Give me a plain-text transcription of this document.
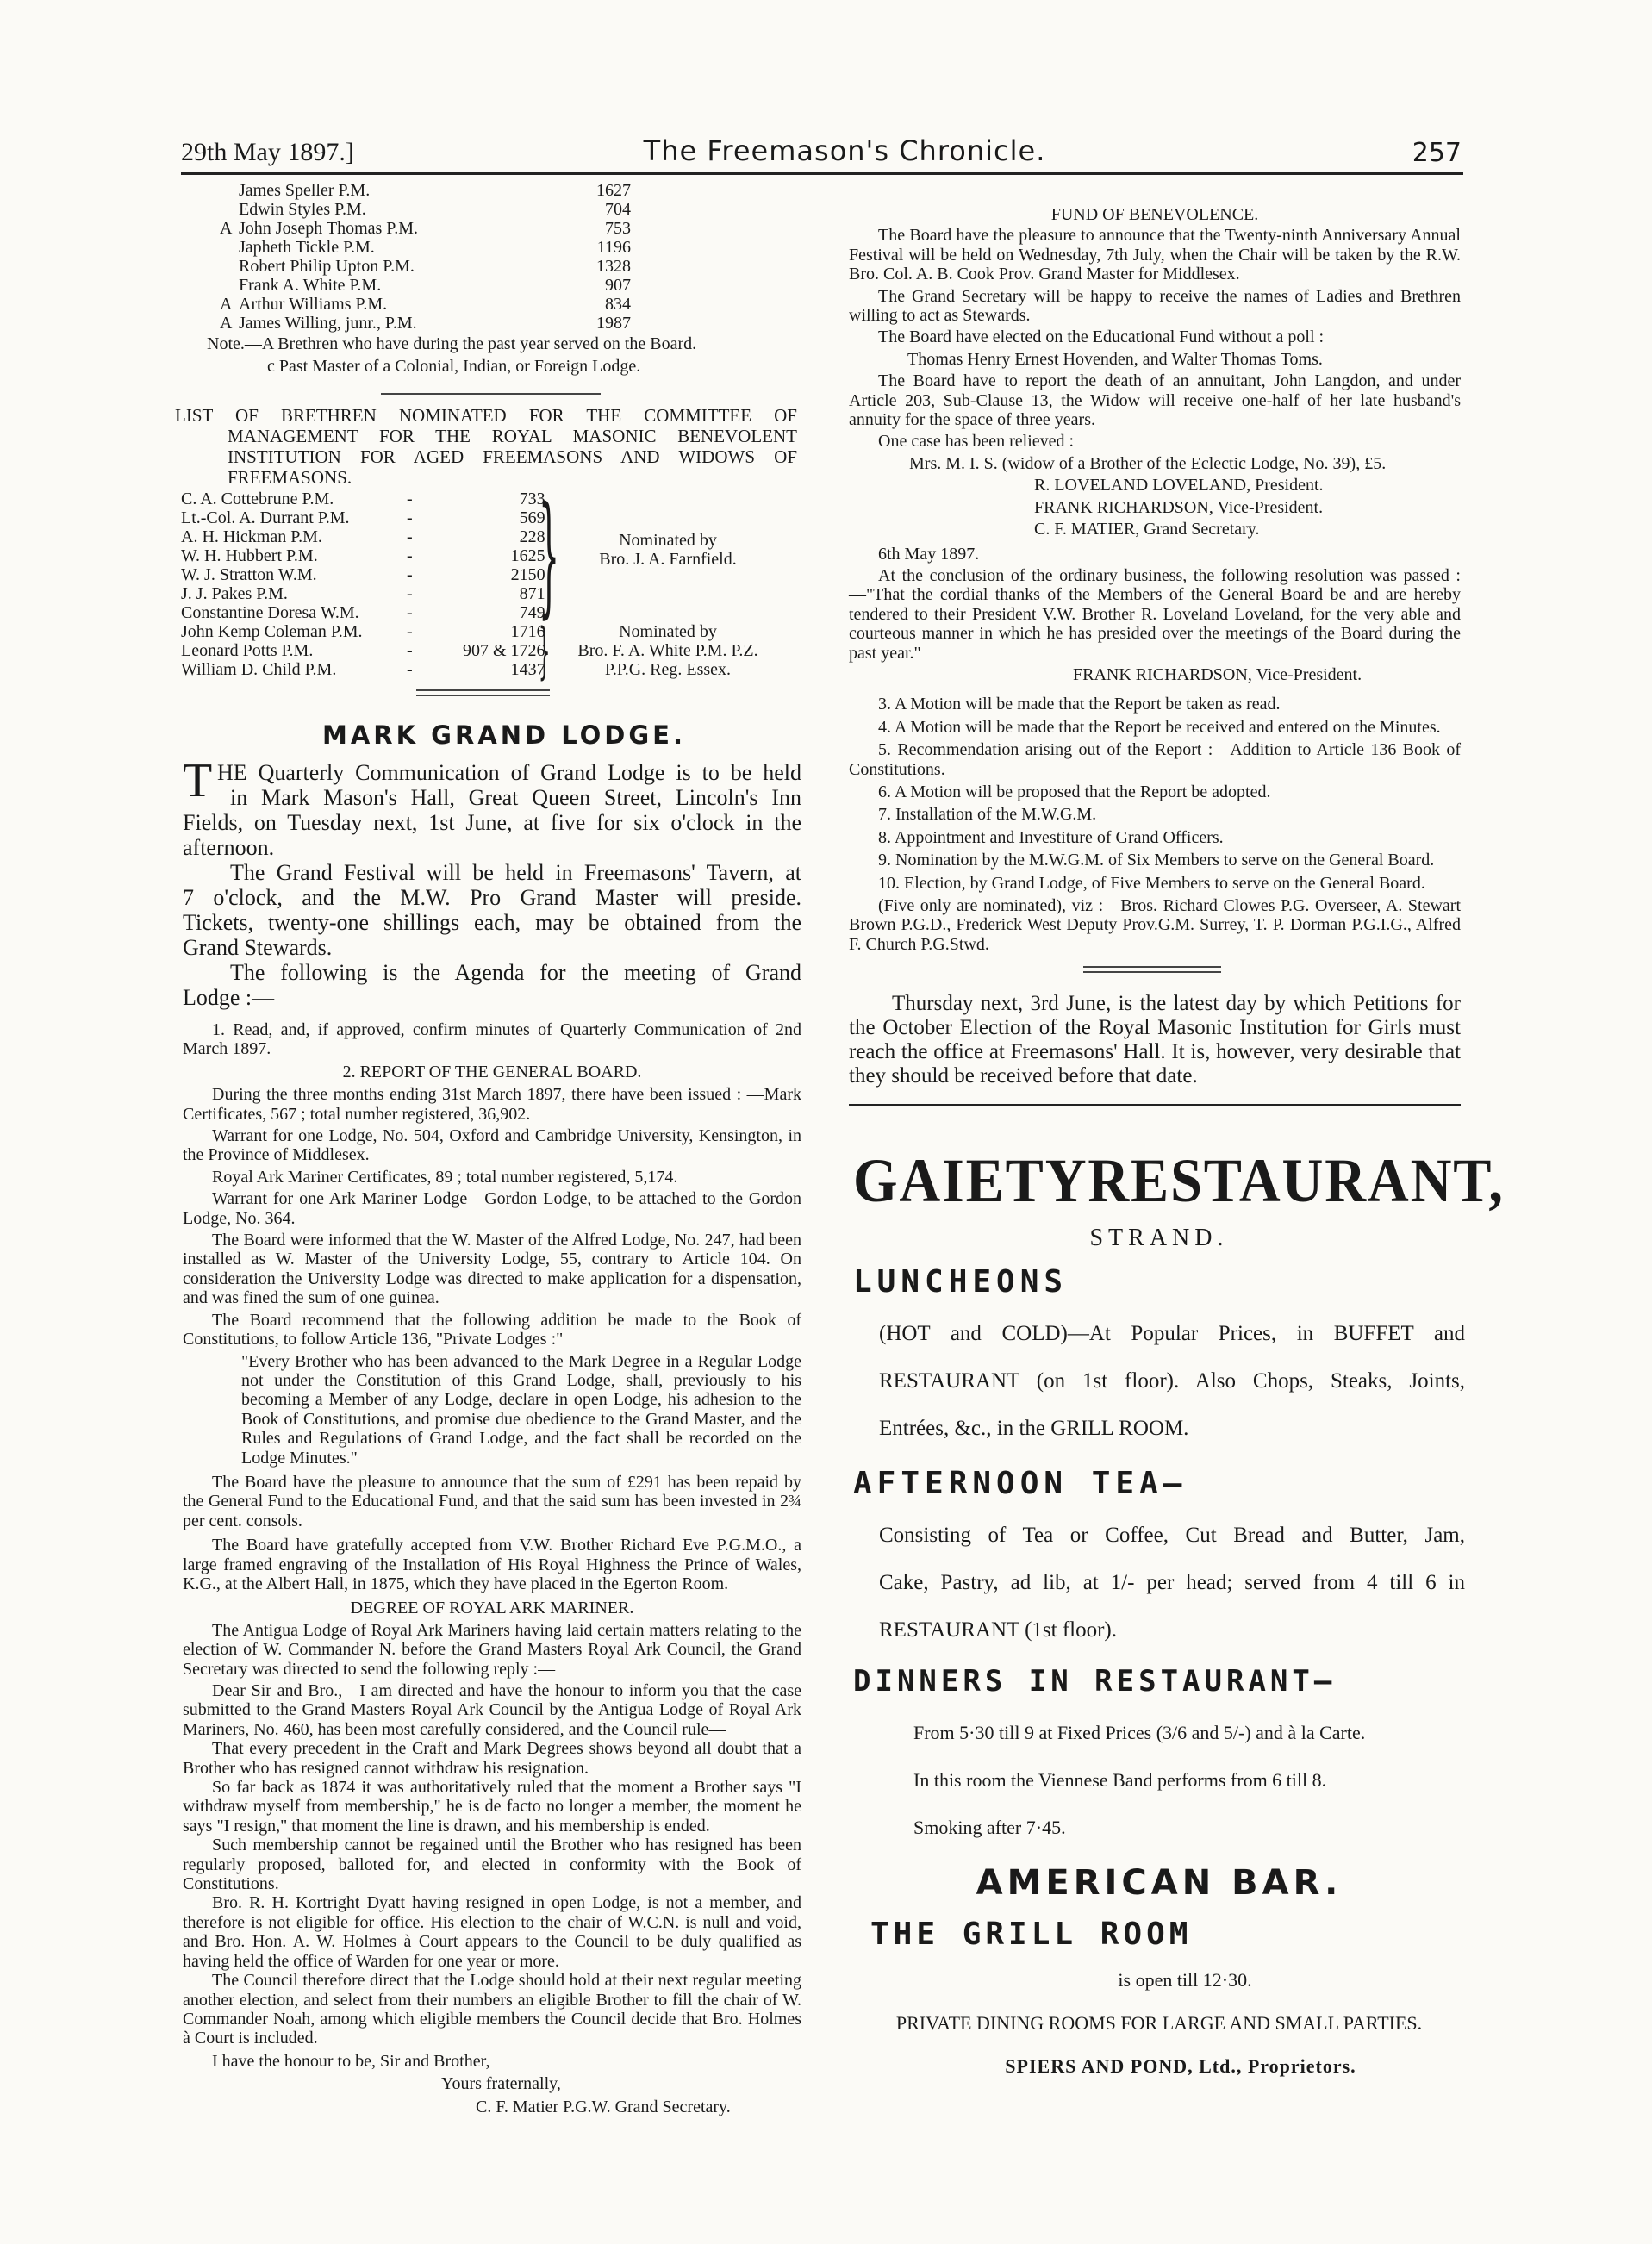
29th May 1897.]	The Freemason's Chronicle.	257
James Speller P.M.	1627
Edwin Styles P.M.	704
A John Joseph Thomas P.M.	753
Japheth Tickle P.M.	1196
Robert Philip Upton P.M.	1328
Frank A. White P.M.	907
A Arthur Williams P.M.	834
A James Willing, junr., P.M.	1987
Note.—A Brethren who have during the past year served on the Board.
c Past Master of a Colonial, Indian, or Foreign Lodge.
LIST OF BRETHREN NOMINATED FOR THE COMMITTEE OF
MANAGEMENT FOR THE ROYAL MASONIC BENEVOLENT
INSTITUTION FOR AGED FREEMASONS AND WIDOWS OF
FREEMASONS.
C. A. Cottebrune P.M.	-	733
Lt.-Col. A. Durrant P.M.	-	569
A. H. Hickman P.M.	-	228
W. H. Hubbert P.M.	-	1625
W. J. Stratton W.M.	-	2150
J. J. Pakes P.M.	-	871
Constantine Doresa W.M.	-	749
John Kemp Coleman P.M.	-	1716
Leonard Potts P.M.	-	907 & 1726
William D. Child P.M.	-	1437
}	Nominated by
Bro. J. A. Farnfield.
}	Nominated by
Bro. F. A. White P.M. P.Z.
P.P.G. Reg. Essex.
MARK GRAND LODGE.
T HE Quarterly Communication of Grand Lodge is to be held
in Mark Mason's Hall, Great Queen Street, Lincoln's Inn
Fields, on Tuesday next, 1st June, at five for six o'clock in the
afternoon.
The Grand Festival will be held in Freemasons' Tavern, at
7 o'clock, and the M.W. Pro Grand Master will preside.
Tickets, twenty-one shillings each, may be obtained from the
Grand Stewards.
The following is the Agenda for the meeting of Grand
Lodge :—

1. Read, and, if approved, confirm minutes of Quarterly Communication of 2nd March 1897.

2. REPORT OF THE GENERAL BOARD.

During the three months ending 31st March 1897, there have been issued : —Mark Certificates, 567 ; total number registered, 36,902.

Warrant for one Lodge, No. 504, Oxford and Cambridge University, Kensington, in the Province of Middlesex.

Royal Ark Mariner Certificates, 89 ; total number registered, 5,174.

Warrant for one Ark Mariner Lodge—Gordon Lodge, to be attached to the Gordon Lodge, No. 364.

The Board were informed that the W. Master of the Alfred Lodge, No. 247, had been installed as W. Master of the University Lodge, 55, contrary to Article 104. On consideration the University Lodge was directed to make application for a dispensation, and was fined the sum of one guinea.

The Board recommend that the following addition be made to the Book of Constitutions, to follow Article 136, "Private Lodges :"

"Every Brother who has been advanced to the Mark Degree in a Regular Lodge not under the Constitution of this Grand Lodge, shall, previously to his becoming a Member of any Lodge, declare in open Lodge, his adhesion to the Book of Constitutions, and promise due obedience to the Grand Master, and the Rules and Regulations of Grand Lodge, and the fact shall be recorded on the Lodge Minutes."

The Board have the pleasure to announce that the sum of £291 has been repaid by the General Fund to the Educational Fund, and that the said sum has been invested in 2¾ per cent. consols.

The Board have gratefully accepted from V.W. Brother Richard Eve P.G.M.O., a large framed engraving of the Installation of His Royal Highness the Prince of Wales, K.G., at the Albert Hall, in 1875, which they have placed in the Egerton Room.

DEGREE OF ROYAL ARK MARINER.

The Antigua Lodge of Royal Ark Mariners having laid certain matters relating to the election of W. Commander N. before the Grand Masters Royal Ark Council, the Grand Secretary was directed to send the following reply :—

Dear Sir and Bro.,—I am directed and have the honour to inform you that the case submitted to the Grand Masters Royal Ark Council by the Antigua Lodge of Royal Ark Mariners, No. 460, has been most carefully considered, and the Council rule—

That every precedent in the Craft and Mark Degrees shows beyond all doubt that a Brother who has resigned cannot withdraw his resignation.

So far back as 1874 it was authoritatively ruled that the moment a Brother says "I withdraw myself from membership," he is de facto no longer a member, the moment he says "I resign," that moment the line is drawn, and his membership is ended.

Such membership cannot be regained until the Brother who has resigned has been regularly proposed, balloted for, and elected in conformity with the Book of Constitutions.

Bro. R. H. Kortright Dyatt having resigned in open Lodge, is not a member, and therefore is not eligible for office. His election to the chair of W.C.N. is null and void, and Bro. Hon. A. W. Holmes à Court appears to the Council to be duly qualified as having held the office of Warden for one year or more.

The Council therefore direct that the Lodge should hold at their next regular meeting another election, and select from their numbers an eligible Brother to fill the chair of W. Commander Noah, among which eligible members the Council decide that Bro. Holmes à Court is included.

I have the honour to be, Sir and Brother,

Yours fraternally,

C. F. Matier P.G.W. Grand Secretary.

FUND OF BENEVOLENCE.

The Board have the pleasure to announce that the Twenty-ninth Anniversary Annual Festival will be held on Wednesday, 7th July, when the Chair will be taken by the R.W. Bro. Col. A. B. Cook Prov. Grand Master for Middlesex.

The Grand Secretary will be happy to receive the names of Ladies and Brethren willing to act as Stewards.

The Board have elected on the Educational Fund without a poll :

Thomas Henry Ernest Hovenden, and Walter Thomas Toms.

The Board have to report the death of an annuitant, John Langdon, and under Article 203, Sub-Clause 13, the Widow will receive one-half of her late husband's annuity for the space of three years.

One case has been relieved :

Mrs. M. I. S. (widow of a Brother of the Eclectic Lodge, No. 39), £5.

R. LOVELAND LOVELAND, President.

FRANK RICHARDSON, Vice-President.

C. F. MATIER, Grand Secretary.

6th May 1897.

At the conclusion of the ordinary business, the following resolution was passed :—"That the cordial thanks of the Members of the General Board be and are hereby tendered to their President V.W. Brother R. Loveland Loveland, for the very able and courteous manner in which he has presided over the meetings of the Board during the past year."

FRANK RICHARDSON, Vice-President.

3. A Motion will be made that the Report be taken as read.

4. A Motion will be made that the Report be received and entered on the Minutes.

5. Recommendation arising out of the Report :—Addition to Article 136 Book of Constitutions.

6. A Motion will be proposed that the Report be adopted.

7. Installation of the M.W.G.M.

8. Appointment and Investiture of Grand Officers.

9. Nomination by the M.W.G.M. of Six Members to serve on the General Board.

10. Election, by Grand Lodge, of Five Members to serve on the General Board.

(Five only are nominated), viz :—Bros. Richard Clowes P.G. Overseer, A. Stewart Brown P.G.D., Frederick West Deputy Prov.G.M. Surrey, T. P. Dorman P.G.I.G., Alfred F. Church P.G.Stwd.

Thursday next, 3rd June, is the latest day by which Petitions for the October Election of the Royal Masonic Institution for Girls must reach the office at Freemasons' Hall. It is, however, very desirable that they should be received before that date.

GAIETY RESTAURANT,
STRAND.
LUNCHEONS
(HOT and COLD)—At Popular Prices, in BUFFET and
RESTAURANT (on 1st floor). Also Chops, Steaks, Joints,
Entrées, &c., in the GRILL ROOM.
AFTERNOON TEA—
Consisting of Tea or Coffee, Cut Bread and Butter, Jam,
Cake, Pastry, ad lib, at 1/- per head; served from 4 till 6 in
RESTAURANT (1st floor).
DINNERS IN RESTAURANT—
From 5·30 till 9 at Fixed Prices (3/6 and 5/-) and à la Carte.
In this room the Viennese Band performs from 6 till 8.
Smoking after 7·45.
AMERICAN BAR.
THE GRILL ROOM
is open till 12·30.
PRIVATE DINING ROOMS FOR LARGE AND SMALL PARTIES.
SPIERS AND POND, Ltd., Proprietors.
